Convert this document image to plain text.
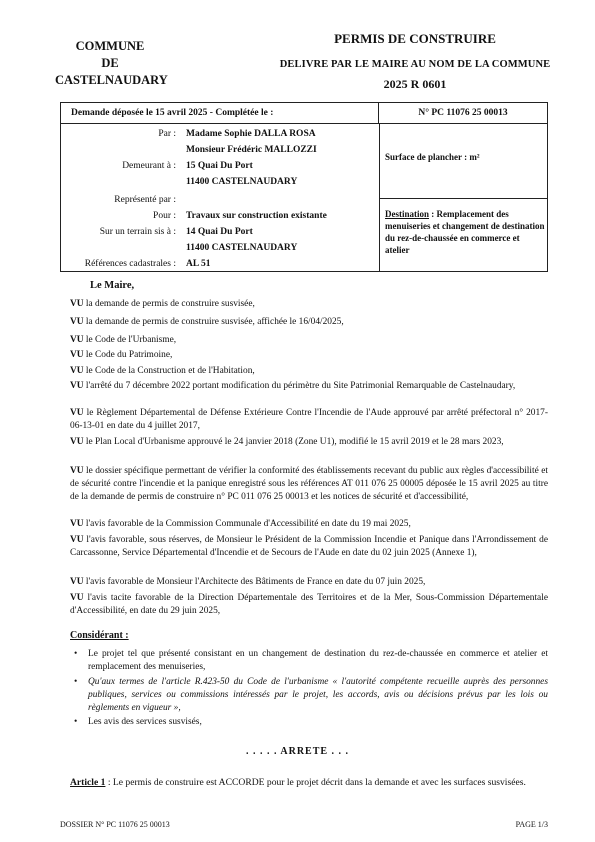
COMMUNE
DE
CASTELNAUDARY
PERMIS DE CONSTRUIRE
DELIVRE PAR LE MAIRE AU NOM DE LA COMMUNE
2025 R 0601
Demande déposée le 15 avril 2025 - Complétée le :	N° PC 11076 25 00013
Par : Madame Sophie DALLA ROSA
Monsieur Frédéric MALLOZZI
Demeurant à : 15 Quai Du Port
11400 CASTELNAUDARY
Représenté par :
Pour : Travaux sur construction existante
Sur un terrain sis à : 14 Quai Du Port
11400 CASTELNAUDARY
Références cadastrales : AL 51
Surface de plancher : m²
Destination : Remplacement des menuiseries et changement de destination du rez-de-chaussée en commerce et atelier
Le Maire,
VU la demande de permis de construire susvisée,
VU la demande de permis de construire susvisée, affichée le 16/04/2025,
VU le Code de l'Urbanisme,
VU le Code du Patrimoine,
VU le Code de la Construction et de l'Habitation,
VU l'arrêté du 7 décembre 2022 portant modification du périmètre du Site Patrimonial Remarquable de Castelnaudary,
VU le Règlement Départemental de Défense Extérieure Contre l'Incendie de l'Aude approuvé par arrêté préfectoral n° 2017-06-13-01 en date du 4 juillet 2017,
VU le Plan Local d'Urbanisme approuvé le 24 janvier 2018 (Zone U1), modifié le 15 avril 2019 et le 28 mars 2023,
VU le dossier spécifique permettant de vérifier la conformité des établissements recevant du public aux règles d'accessibilité et de sécurité contre l'incendie et la panique enregistré sous les références AT 011 076 25 00005 déposée le 15 avril 2025 au titre de la demande de permis de construire n° PC 011 076 25 00013 et les notices de sécurité et d'accessibilité,
VU l'avis favorable de la Commission Communale d'Accessibilité en date du 19 mai 2025,
VU l'avis favorable, sous réserves, de Monsieur le Président de la Commission Incendie et Panique dans l'Arrondissement de Carcassonne, Service Départemental d'Incendie et de Secours de l'Aude en date du 02 juin 2025 (Annexe 1),
VU l'avis favorable de Monsieur l'Architecte des Bâtiments de France en date du 07 juin 2025,
VU l'avis tacite favorable de la Direction Départementale des Territoires et de la Mer, Sous-Commission Départementale d'Accessibilité, en date du 29 juin 2025,
Considérant :
• Le projet tel que présenté consistant en un changement de destination du rez-de-chaussée en commerce et atelier et remplacement des menuiseries,
• Qu'aux termes de l'article R.423-50 du Code de l'urbanisme « l'autorité compétente recueille auprès des personnes publiques, services ou commissions intéressés par le projet, les accords, avis ou décisions prévus par les lois ou règlements en vigueur »,
• Les avis des services susvisés,
. . . . . ARRETE . . .
Article 1 : Le permis de construire est ACCORDE pour le projet décrit dans la demande et avec les surfaces susvisées.
DOSSIER N° PC 11076 25 00013	PAGE 1/3
